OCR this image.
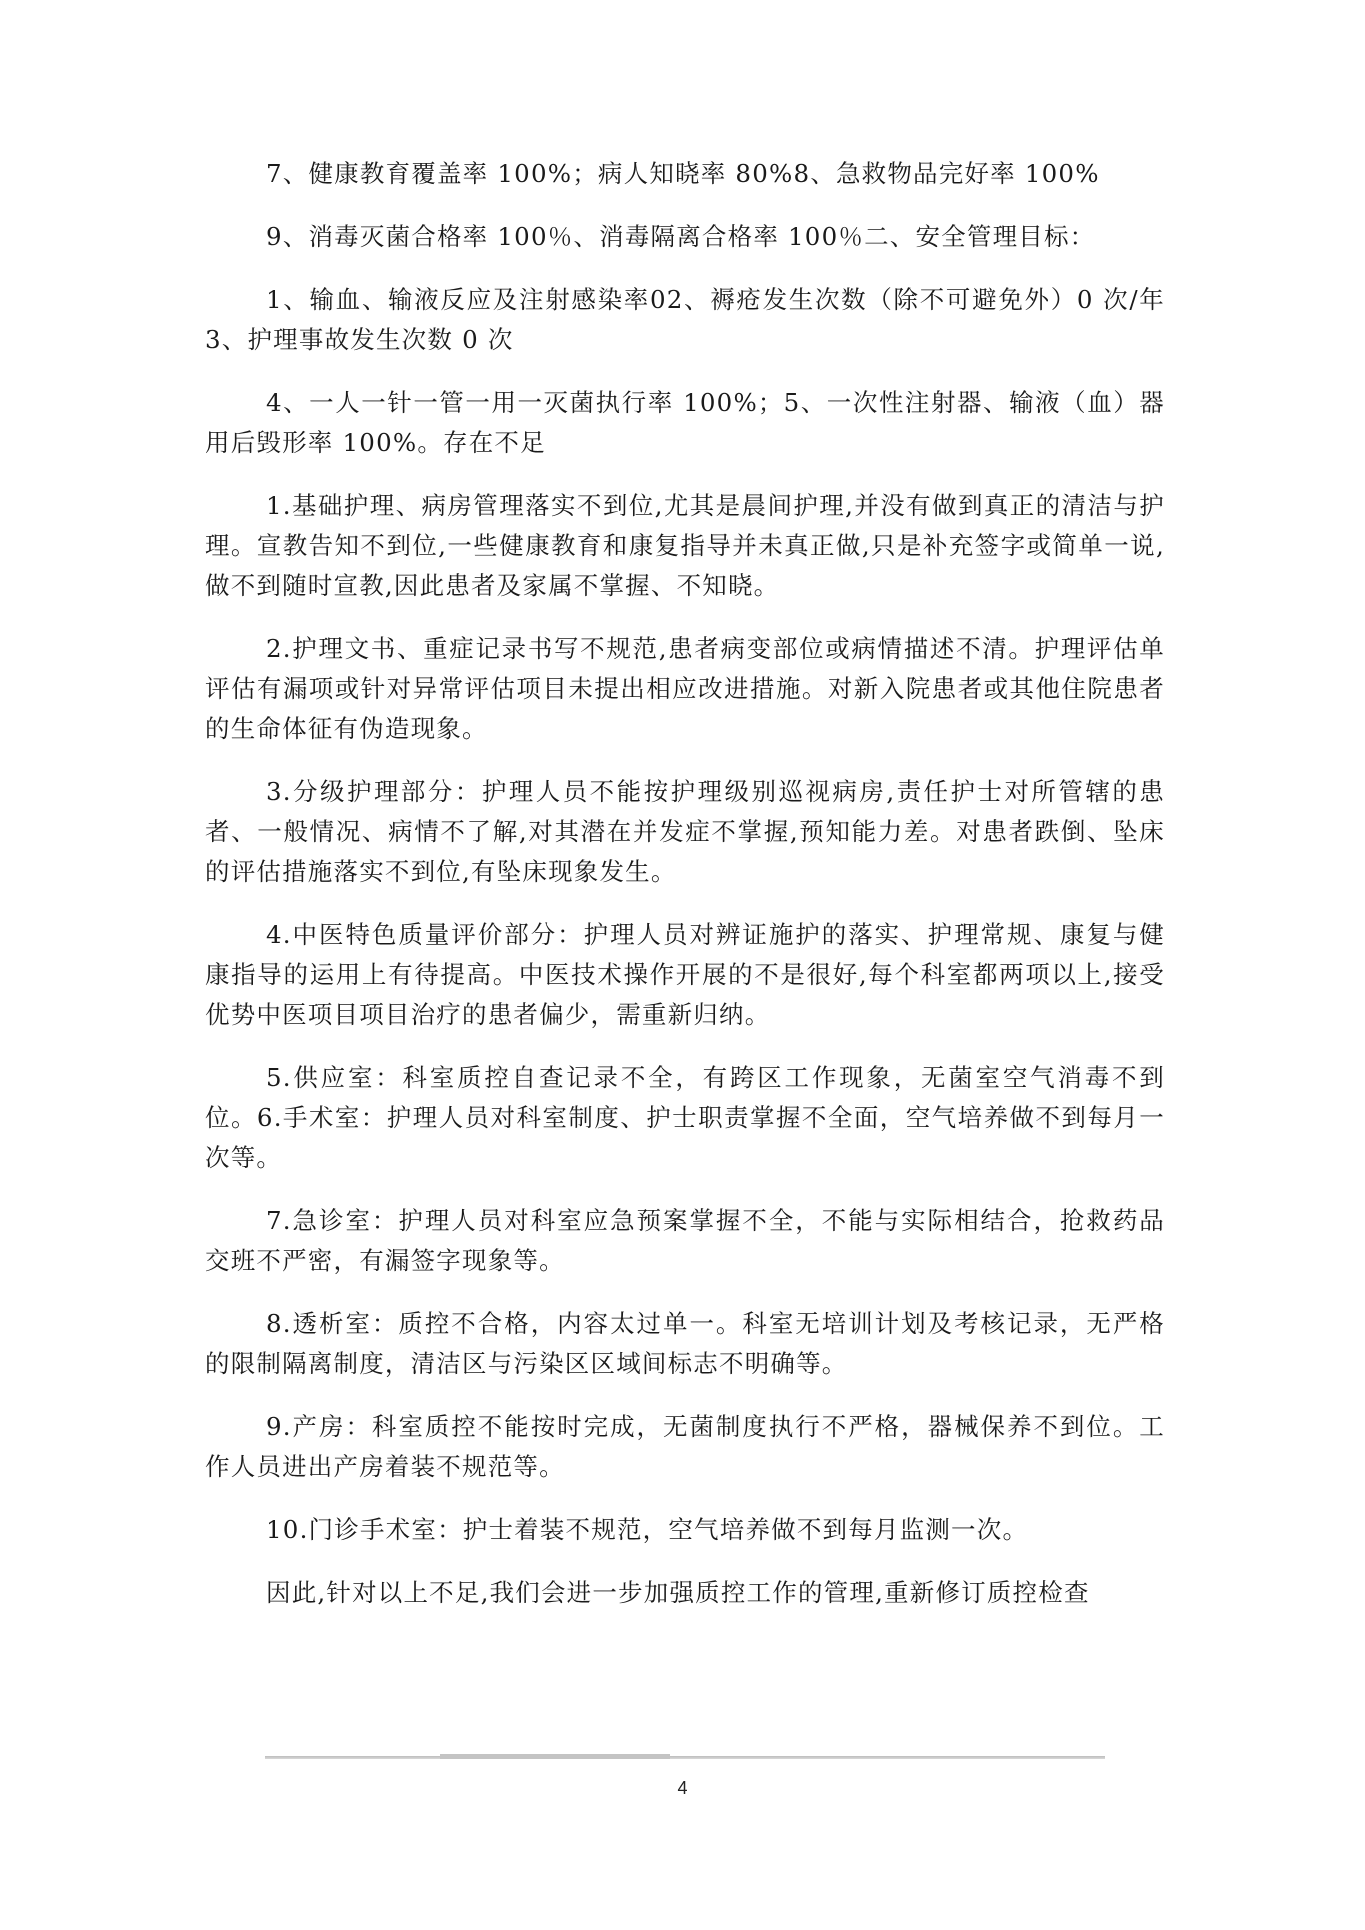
7、健康教育覆盖率 100%；病人知晓率 80%8、急救物品完好率 100%

9、消毒灭菌合格率 100％、消毒隔离合格率 100％二、安全管理目标：

1、输血、输液反应及注射感染率02、褥疮发生次数（除不可避免外）0 次/年 3、护理事故发生次数 0 次

4、一人一针一管一用一灭菌执行率 100%；5、一次性注射器、输液（血）器用后毁形率 100%。存在不足

1.基础护理、病房管理落实不到位,尤其是晨间护理,并没有做到真正的清洁与护理。宣教告知不到位,一些健康教育和康复指导并未真正做,只是补充签字或简单一说,做不到随时宣教,因此患者及家属不掌握、不知晓。

2.护理文书、重症记录书写不规范,患者病变部位或病情描述不清。护理评估单评估有漏项或针对异常评估项目未提出相应改进措施。对新入院患者或其他住院患者的生命体征有伪造现象。

3.分级护理部分：护理人员不能按护理级别巡视病房,责任护士对所管辖的患者、一般情况、病情不了解,对其潜在并发症不掌握,预知能力差。对患者跌倒、坠床的评估措施落实不到位,有坠床现象发生。

4.中医特色质量评价部分：护理人员对辨证施护的落实、护理常规、康复与健康指导的运用上有待提高。中医技术操作开展的不是很好,每个科室都两项以上,接受优势中医项目项目治疗的患者偏少，需重新归纳。

5.供应室：科室质控自查记录不全，有跨区工作现象，无菌室空气消毒不到位。6.手术室：护理人员对科室制度、护士职责掌握不全面，空气培养做不到每月一次等。

7.急诊室：护理人员对科室应急预案掌握不全，不能与实际相结合，抢救药品交班不严密，有漏签字现象等。

8.透析室：质控不合格，内容太过单一。科室无培训计划及考核记录，无严格的限制隔离制度，清洁区与污染区区域间标志不明确等。

9.产房：科室质控不能按时完成，无菌制度执行不严格，器械保养不到位。工作人员进出产房着装不规范等。

10.门诊手术室：护士着装不规范，空气培养做不到每月监测一次。

因此,针对以上不足,我们会进一步加强质控工作的管理,重新修订质控检查

4
